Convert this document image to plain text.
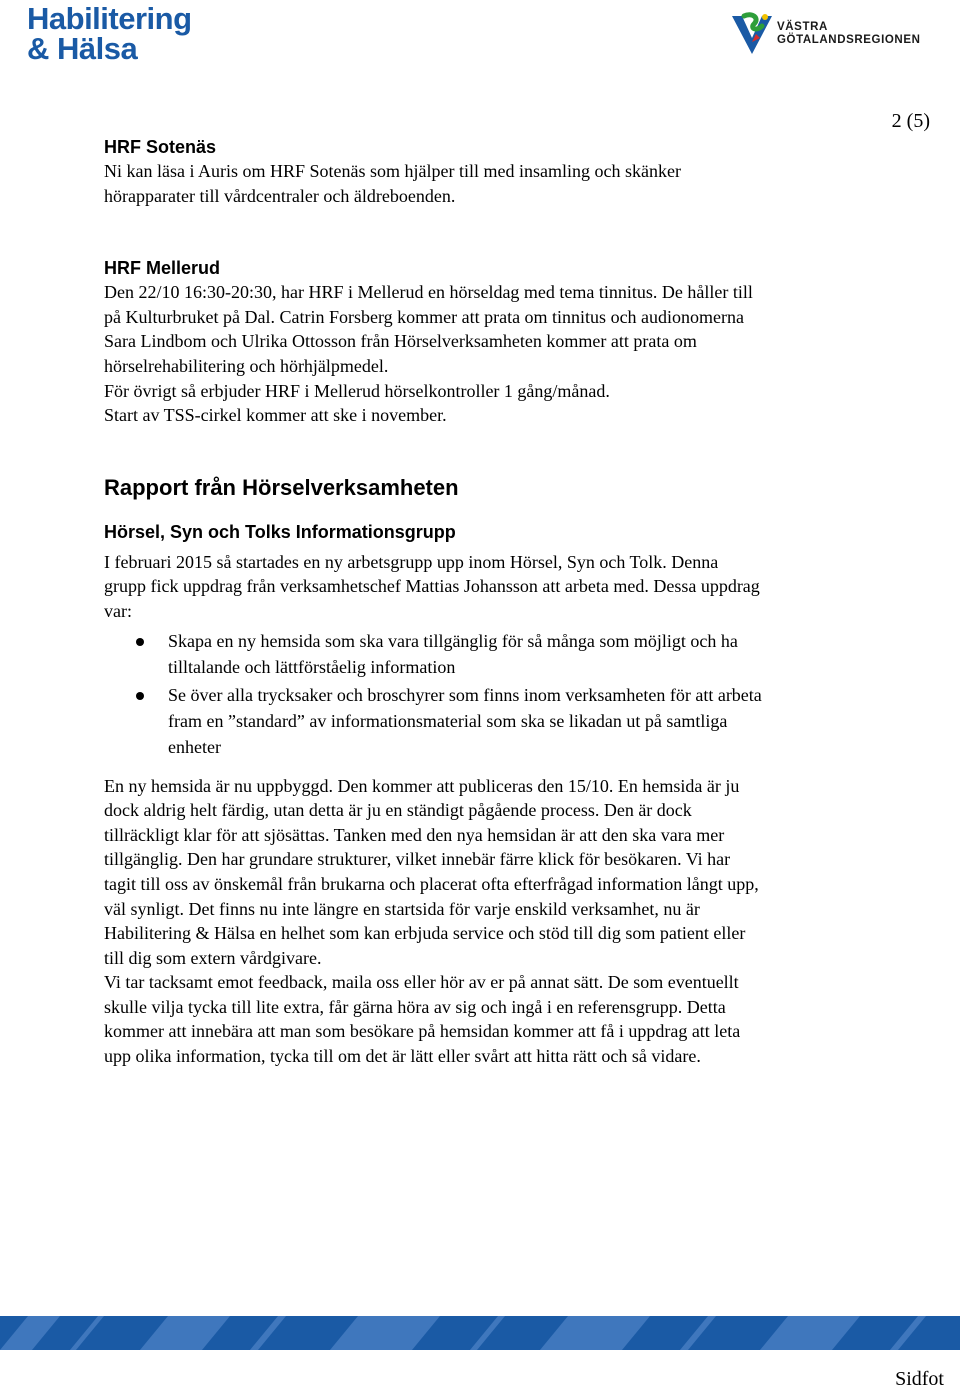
Habilitering
& Hälsa
VÄSTRA
GÖTALANDSREGIONEN
2 (5)
HRF Sotenäs

Ni kan läsa i Auris om HRF Sotenäs som hjälper till med insamling och skänker
hörapparater till vårdcentraler och äldreboenden.

HRF Mellerud

Den 22/10 16:30-20:30, har HRF i Mellerud en hörseldag med tema tinnitus. De håller till
på Kulturbruket på Dal. Catrin Forsberg kommer att prata om tinnitus och audionomerna
Sara Lindbom och Ulrika Ottosson från Hörselverksamheten kommer att prata om
hörselrehabilitering och hörhjälpmedel.
För övrigt så erbjuder HRF i Mellerud hörselkontroller 1 gång/månad.
Start av TSS-cirkel kommer att ske i november.

Rapport från Hörselverksamheten
Hörsel, Syn och Tolks Informationsgrupp

I februari 2015 så startades en ny arbetsgrupp upp inom Hörsel, Syn och Tolk. Denna
grupp fick uppdrag från verksamhetschef Mattias Johansson att arbeta med. Dessa uppdrag
var:

Skapa en ny hemsida som ska vara tillgänglig för så många som möjligt och ha
tilltalande och lättförståelig information
Se över alla trycksaker och broschyrer som finns inom verksamheten för att arbeta
fram en ”standard” av informationsmaterial som ska se likadan ut på samtliga
enheter

En ny hemsida är nu uppbyggd. Den kommer att publiceras den 15/10. En hemsida är ju
dock aldrig helt färdig, utan detta är ju en ständigt pågående process. Den är dock
tillräckligt klar för att sjösättas. Tanken med den nya hemsidan är att den ska vara mer
tillgänglig. Den har grundare strukturer, vilket innebär färre klick för besökaren. Vi har
tagit till oss av önskemål från brukarna och placerat ofta efterfrågad information långt upp,
väl synligt. Det finns nu inte längre en startsida för varje enskild verksamhet, nu är
Habilitering & Hälsa en helhet som kan erbjuda service och stöd till dig som patient eller
till dig som extern vårdgivare.
Vi tar tacksamt emot feedback, maila oss eller hör av er på annat sätt. De som eventuellt
skulle vilja tycka till lite extra, får gärna höra av sig och ingå i en referensgrupp. Detta
kommer att innebära att man som besökare på hemsidan kommer att få i uppdrag att leta
upp olika information, tycka till om det är lätt eller svårt att hitta rätt och så vidare.

Sidfot
